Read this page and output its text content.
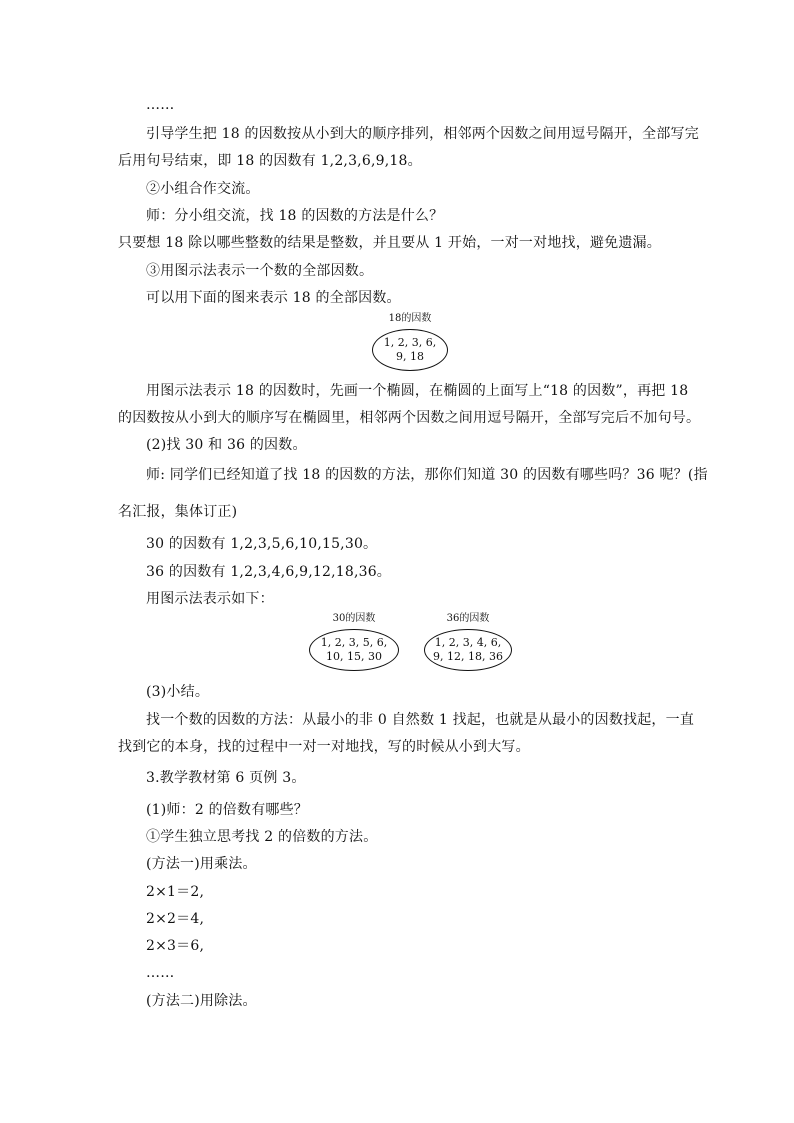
……
引导学生把 18 的因数按从小到大的顺序排列，相邻两个因数之间用逗号隔开，全部写完
后用句号结束，即 18 的因数有 1,2,3,6,9,18。
②小组合作交流。
师：分小组交流，找 18 的因数的方法是什么？
只要想 18 除以哪些整数的结果是整数，并且要从 1 开始，一对一对地找，避免遗漏。
③用图示法表示一个数的全部因数。
可以用下面的图来表示 18 的全部因数。
18的因数
1, 2, 3, 6,
9, 18
用图示法表示 18 的因数时，先画一个椭圆，在椭圆的上面写上“18 的因数”，再把 18
的因数按从小到大的顺序写在椭圆里，相邻两个因数之间用逗号隔开，全部写完后不加句号。
(2)找 30 和 36 的因数。
师: 同学们已经知道了找 18 的因数的方法，那你们知道 30 的因数有哪些吗？36 呢？(指
名汇报，集体订正)
30 的因数有 1,2,3,5,6,10,15,30。
36 的因数有 1,2,3,4,6,9,12,18,36。
用图示法表示如下：
30的因数
1, 2, 3, 5, 6,
10, 15, 30
36的因数
1, 2, 3, 4, 6,
9, 12, 18, 36
(3)小结。
找一个数的因数的方法：从最小的非 0 自然数 1 找起，也就是从最小的因数找起，一直
找到它的本身，找的过程中一对一对地找，写的时候从小到大写。
3.教学教材第 6 页例 3。
(1)师：2 的倍数有哪些？
①学生独立思考找 2 的倍数的方法。
(方法一)用乘法。
2×1＝2,
2×2＝4,
2×3＝6,
……
(方法二)用除法。
